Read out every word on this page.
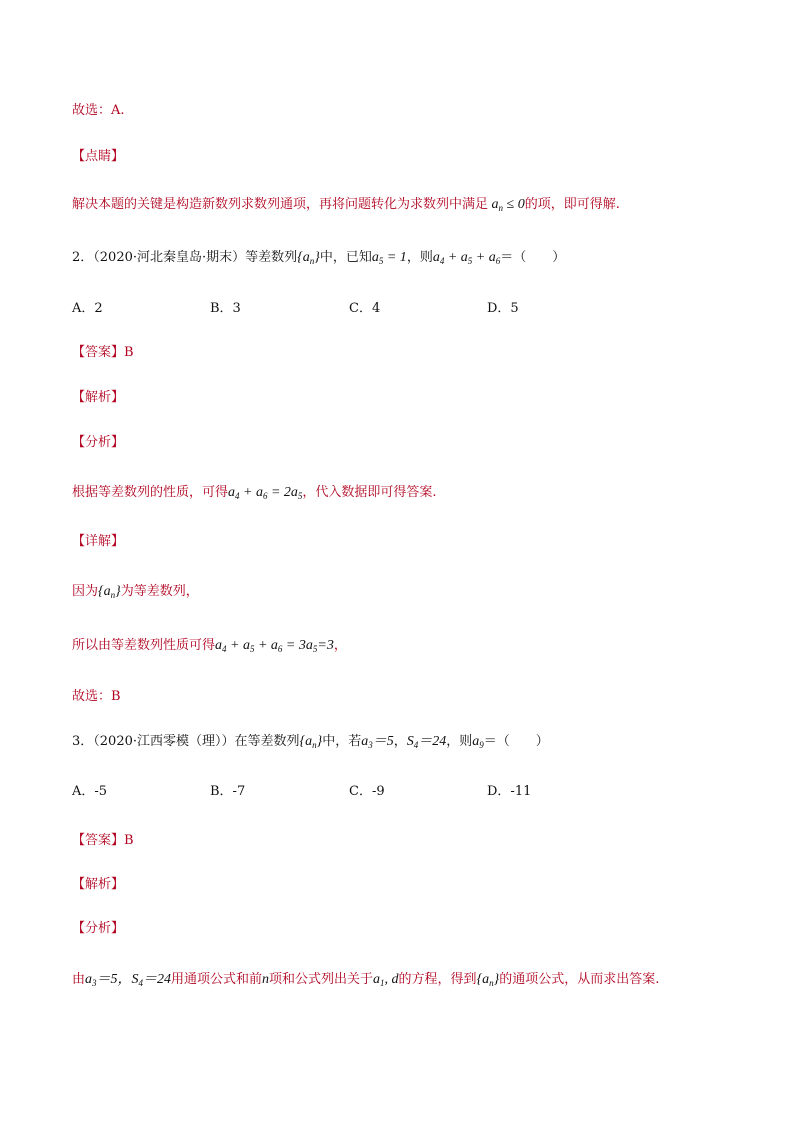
故选：A.
【点睛】
解决本题的关键是构造新数列求数列通项，再将问题转化为求数列中满足 $a_n \le 0$的项，即可得解.
2．（2020·河北秦皇岛·期末）等差数列$\{a_n\}$中，已知$a_5 = 1$，则$a_4 + a_5 + a_6=$（　　）
A．2	B．3	C．4	D．5
【答案】B
【解析】
【分析】
根据等差数列的性质，可得$a_4 + a_6 = 2a_5$，代入数据即可得答案.
【详解】
因为$\{a_n\}$为等差数列，
所以由等差数列性质可得$a_4 + a_5 + a_6 = 3a_5=3$，
故选：B
3．（2020·江西零模（理））在等差数列$\{a_n\}$中，若$a_3=5$，$S_4=24$，则$a_9=$（　　）
A．-5	B．-7	C．-9	D．-11
【答案】B
【解析】
【分析】
由$a_3=5$，$S_4=24$用通项公式和前n项和公式列出关于$a_1$, d的方程，得到$\{a_n\}$的通项公式，从而求出答案.
